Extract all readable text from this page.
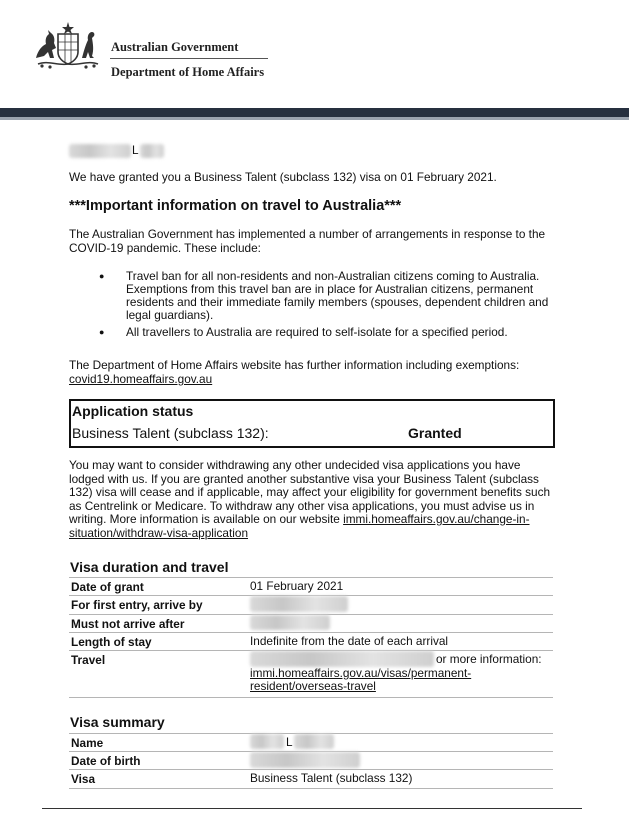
Australian Government
Department of Home Affairs
L
We have granted you a Business Talent (subclass 132) visa on 01 February 2021.
***Important information on travel to Australia***
The Australian Government has implemented a number of arrangements in response to the COVID-19 pandemic. These include:
● Travel ban for all non-residents and non-Australian citizens coming to Australia. Exemptions from this travel ban are in place for Australian citizens, permanent residents and their immediate family members (spouses, dependent children and legal guardians).
● All travellers to Australia are required to self-isolate for a specified period.
The Department of Home Affairs website has further information including exemptions:
covid19.homeaffairs.gov.au
Application status
Business Talent (subclass 132):	Granted
You may want to consider withdrawing any other undecided visa applications you have lodged with us. If you are granted another substantive visa your Business Talent (subclass 132) visa will cease and if applicable, may affect your eligibility for government benefits such as Centrelink or Medicare. To withdraw any other visa applications, you must advise us in writing. More information is available on our website immi.homeaffairs.gov.au/change-in-situation/withdraw-visa-application
Visa duration and travel
Date of grant	01 February 2021
For first entry, arrive by
Must not arrive after
Length of stay	Indefinite from the date of each arrival
Travel	or more information:
immi.homeaffairs.gov.au/visas/permanent-resident/overseas-travel
Visa summary
Name	L
Date of birth
Visa	Business Talent (subclass 132)
